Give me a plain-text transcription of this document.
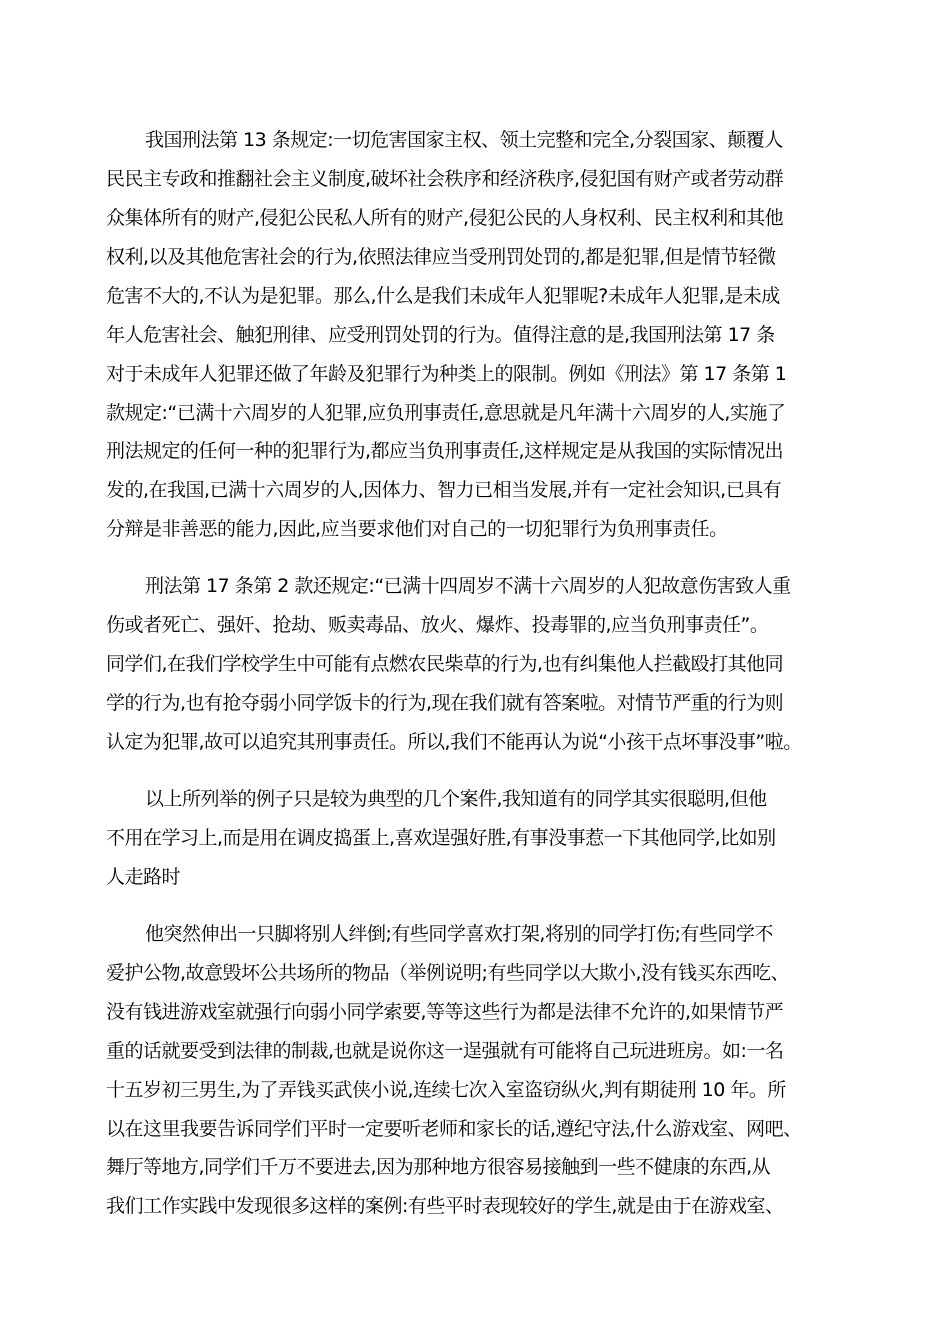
我国刑法第 13 条规定:一切危害国家主权、领土完整和完全,分裂国家、颠覆人
民民主专政和推翻社会主义制度,破坏社会秩序和经济秩序,侵犯国有财产或者劳动群
众集体所有的财产,侵犯公民私人所有的财产,侵犯公民的人身权利、民主权利和其他
权利,以及其他危害社会的行为,依照法律应当受刑罚处罚的,都是犯罪,但是情节轻微
危害不大的,不认为是犯罪。那么,什么是我们未成年人犯罪呢?未成年人犯罪,是未成
年人危害社会、触犯刑律、应受刑罚处罚的行为。值得注意的是,我国刑法第 17 条
对于未成年人犯罪还做了年龄及犯罪行为种类上的限制。例如《刑法》第 17 条第 1
款规定:“已满十六周岁的人犯罪,应负刑事责任,意思就是凡年满十六周岁的人,实施了
刑法规定的任何一种的犯罪行为,都应当负刑事责任,这样规定是从我国的实际情况出
发的,在我国,已满十六周岁的人,因体力、智力已相当发展,并有一定社会知识,已具有
分辩是非善恶的能力,因此,应当要求他们对自己的一切犯罪行为负刑事责任。
刑法第 17 条第 2 款还规定:“已满十四周岁不满十六周岁的人犯故意伤害致人重
伤或者死亡、强奸、抢劫、贩卖毒品、放火、爆炸、投毒罪的,应当负刑事责任”。
同学们,在我们学校学生中可能有点燃农民柴草的行为,也有纠集他人拦截殴打其他同
学的行为,也有抢夺弱小同学饭卡的行为,现在我们就有答案啦。对情节严重的行为则
认定为犯罪,故可以追究其刑事责任。所以,我们不能再认为说“小孩干点坏事没事”啦。
以上所列举的例子只是较为典型的几个案件,我知道有的同学其实很聪明,但他
不用在学习上,而是用在调皮捣蛋上,喜欢逞强好胜,有事没事惹一下其他同学,比如别
人走路时
他突然伸出一只脚将别人绊倒;有些同学喜欢打架,将别的同学打伤;有些同学不
爱护公物,故意毁坏公共场所的物品（举例说明;有些同学以大欺小,没有钱买东西吃、
没有钱进游戏室就强行向弱小同学索要,等等这些行为都是法律不允许的,如果情节严
重的话就要受到法律的制裁,也就是说你这一逞强就有可能将自己玩进班房。如:一名
十五岁初三男生,为了弄钱买武侠小说,连续七次入室盗窃纵火,判有期徒刑 10 年。所
以在这里我要告诉同学们平时一定要听老师和家长的话,遵纪守法,什么游戏室、网吧、
舞厅等地方,同学们千万不要进去,因为那种地方很容易接触到一些不健康的东西,从
我们工作实践中发现很多这样的案例:有些平时表现较好的学生,就是由于在游戏室、
